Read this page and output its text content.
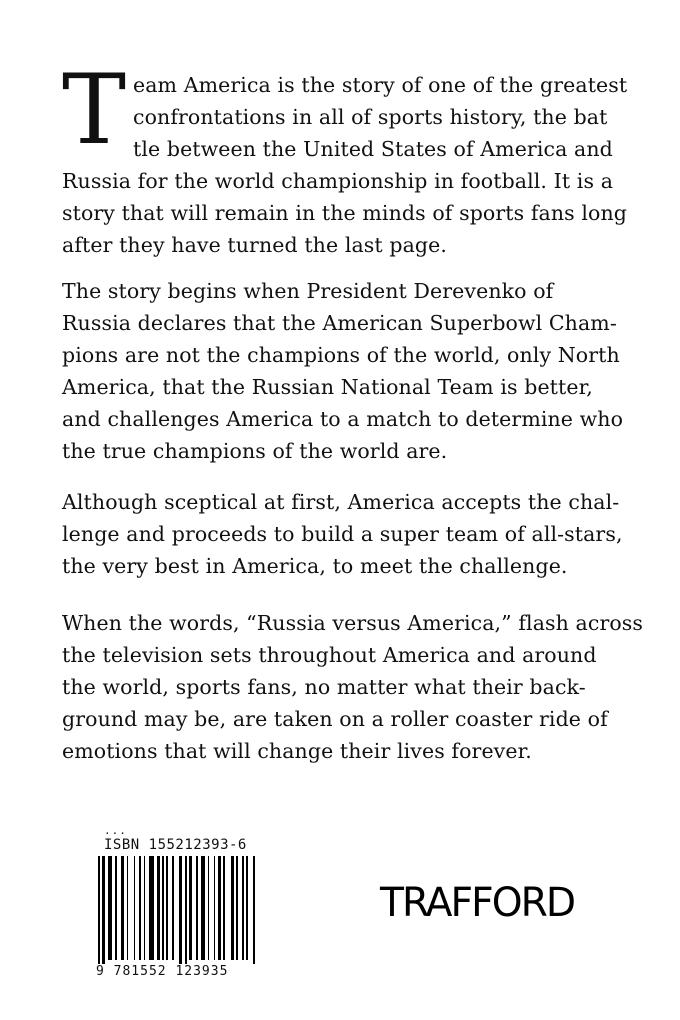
T eam America is the story of one of the greatest
confrontations in all of sports history, the bat
tle between the United States of America and
Russia for the world championship in football. It is a
story that will remain in the minds of sports fans long
after they have turned the last page.
The story begins when President Derevenko of
Russia declares that the American Superbowl Cham-
pions are not the champions of the world, only North
America, that the Russian National Team is better,
and challenges America to a match to determine who
the true champions of the world are.
Although sceptical at first, America accepts the chal-
lenge and proceeds to build a super team of all-stars,
the very best in America, to meet the challenge.
When the words, “Russia versus America,” flash across
the television sets throughout America and around
the world, sports fans, no matter what their back-
ground may be, are taken on a roller coaster ride of
emotions that will change their lives forever.
...
ISBN 155212393-6
9 781552 123935
TRAFFORD
